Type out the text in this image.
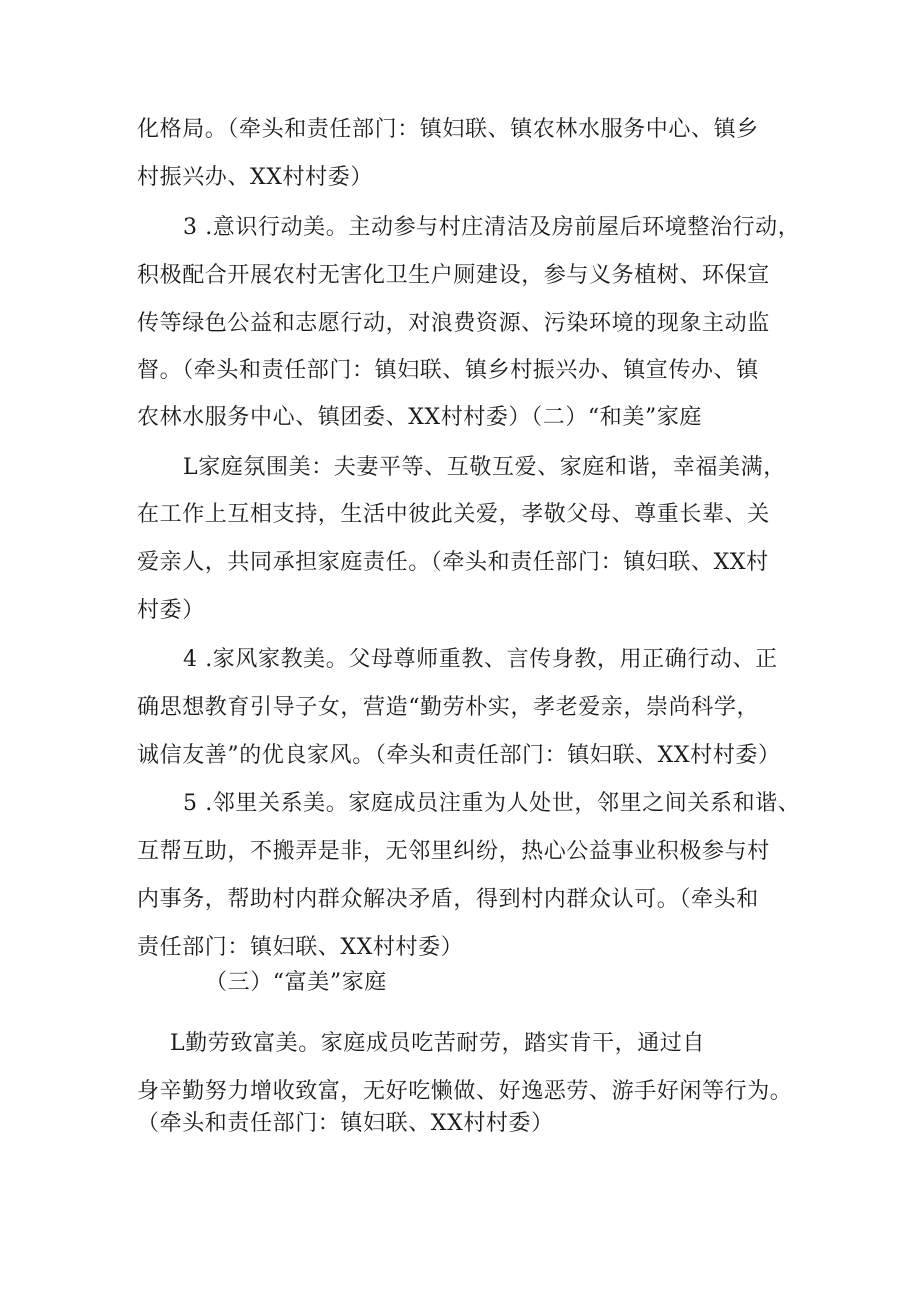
化格局。（牵头和责任部门：镇妇联、镇农林水服务中心、镇乡
村振兴办、XX村村委）
3 .意识行动美。主动参与村庄清洁及房前屋后环境整治行动，
积极配合开展农村无害化卫生户厕建设，参与义务植树、环保宣
传等绿色公益和志愿行动，对浪费资源、污染环境的现象主动监
督。（牵头和责任部门：镇妇联、镇乡村振兴办、镇宣传办、镇
农林水服务中心、镇团委、XX村村委）（二）“和美”家庭
L家庭氛围美：夫妻平等、互敬互爱、家庭和谐，幸福美满，
在工作上互相支持，生活中彼此关爱，孝敬父母、尊重长辈、关
爱亲人，共同承担家庭责任。（牵头和责任部门：镇妇联、XX村
村委）
4 .家风家教美。父母尊师重教、言传身教，用正确行动、正
确思想教育引导子女，营造“勤劳朴实，孝老爱亲，崇尚科学，
诚信友善”的优良家风。（牵头和责任部门：镇妇联、XX村村委）
5 .邻里关系美。家庭成员注重为人处世，邻里之间关系和谐、
互帮互助，不搬弄是非，无邻里纠纷，热心公益事业积极参与村
内事务，帮助村内群众解决矛盾，得到村内群众认可。（牵头和
责任部门：镇妇联、XX村村委）
（三）“富美”家庭
L勤劳致富美。家庭成员吃苦耐劳，踏实肯干，通过自
身辛勤努力增收致富，无好吃懒做、好逸恶劳、游手好闲等行为。
（牵头和责任部门：镇妇联、XX村村委）
